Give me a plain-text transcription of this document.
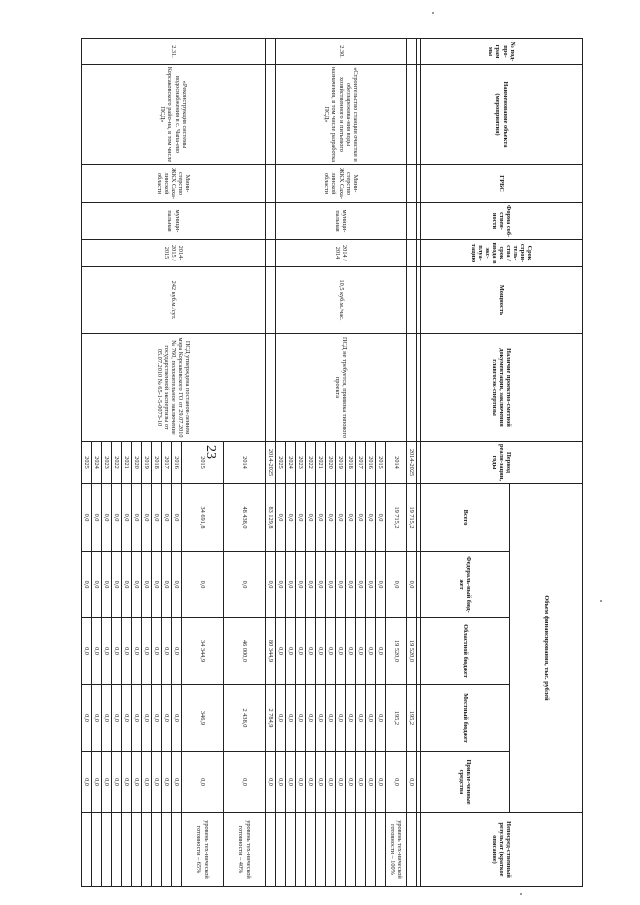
23
№ под-про-грам мы	Наименование объекта (мероприятия)	ГРБС	Форма соб-ствен-ности	Срок строи-тель-ства / срок ввода в экс-плуа-тацию	Мощность	Наличие проектно-сметной документации, заключения главгосэк-спертизы	Период реали-зации, годы	Объем финансирования, тыс. рублей					Непосред-ственный результат (краткое описание)
								Всего	Федераль-ный бюд-жет	Областной бюджет	Местный бюджет	Привле-ченные средства	

							2014-2025	19 715,2	0,0	19 520,0	195,2	0,0	
2.30.	«Строительство станции очистки и обеззарежива-ния воды хозяйственного и питьевого назначения, в том числе разработка ПСД»	Мини-стерство ЖКХ Саха-линской области	муници-пальная	2014 / 2014	10,5 куб.м./час.	ПСД не требуется, привязка типового проекта	2014	19 715,2	0,0	19 520,0	195,2	0,0	уровень тех-нической готовности – 100%
							2015	0,0	0,0	0,0	0,0	0,0	
							2016	0,0	0,0	0,0	0,0	0,0	
							2017	0,0	0,0	0,0	0,0	0,0	
							2018	0,0	0,0	0,0	0,0	0,0	
							2019	0,0	0,0	0,0	0,0	0,0	
							2020	0,0	0,0	0,0	0,0	0,0	
							2021	0,0	0,0	0,0	0,0	0,0	
							2022	0,0	0,0	0,0	0,0	0,0	
							2023	0,0	0,0	0,0	0,0	0,0	
							2024	0,0	0,0	0,0	0,0	0,0	
							2025	0,0	0,0	0,0	0,0	0,0	
							2014-2025	83 129,8	0,0	80 344,9	2 784,9	0,0	
2.31.	«Реконструкция системы водоснабжения в с. Чапа-ево Корсаковского райо-на, в том числе ПСД»	Мини-стерство ЖКХ Саха-линской области	муници-пальная	2014-2015 / 2015	242 куб.м./сут.	ПСД утверждена постанов-лением мэра Корсаковского ГО от 29.07.2010 № 760, положительное заключение государственной экспертизы от 05.07.2010 № 65-1-5-0073-10	2014	48 438,0	0,0	46 000,0	2 438,0	0,0	уровень тех-нической готовности – 40%
							2015	34 691,8	0,0	34 344,9	346,9	0,0	уровень тех-нической готовности – 65%
							2016	0,0	0,0	0,0	0,0	0,0	
							2017	0,0	0,0	0,0	0,0	0,0	
							2018	0,0	0,0	0,0	0,0	0,0	
							2019	0,0	0,0	0,0	0,0	0,0	
							2020	0,0	0,0	0,0	0,0	0,0	
							2021	0,0	0,0	0,0	0,0	0,0	
							2022	0,0	0,0	0,0	0,0	0,0	
							2023	0,0	0,0	0,0	0,0	0,0	
							2024	0,0	0,0	0,0	0,0	0,0	
							2025	0,0	0,0	0,0	0,0	0,0	
